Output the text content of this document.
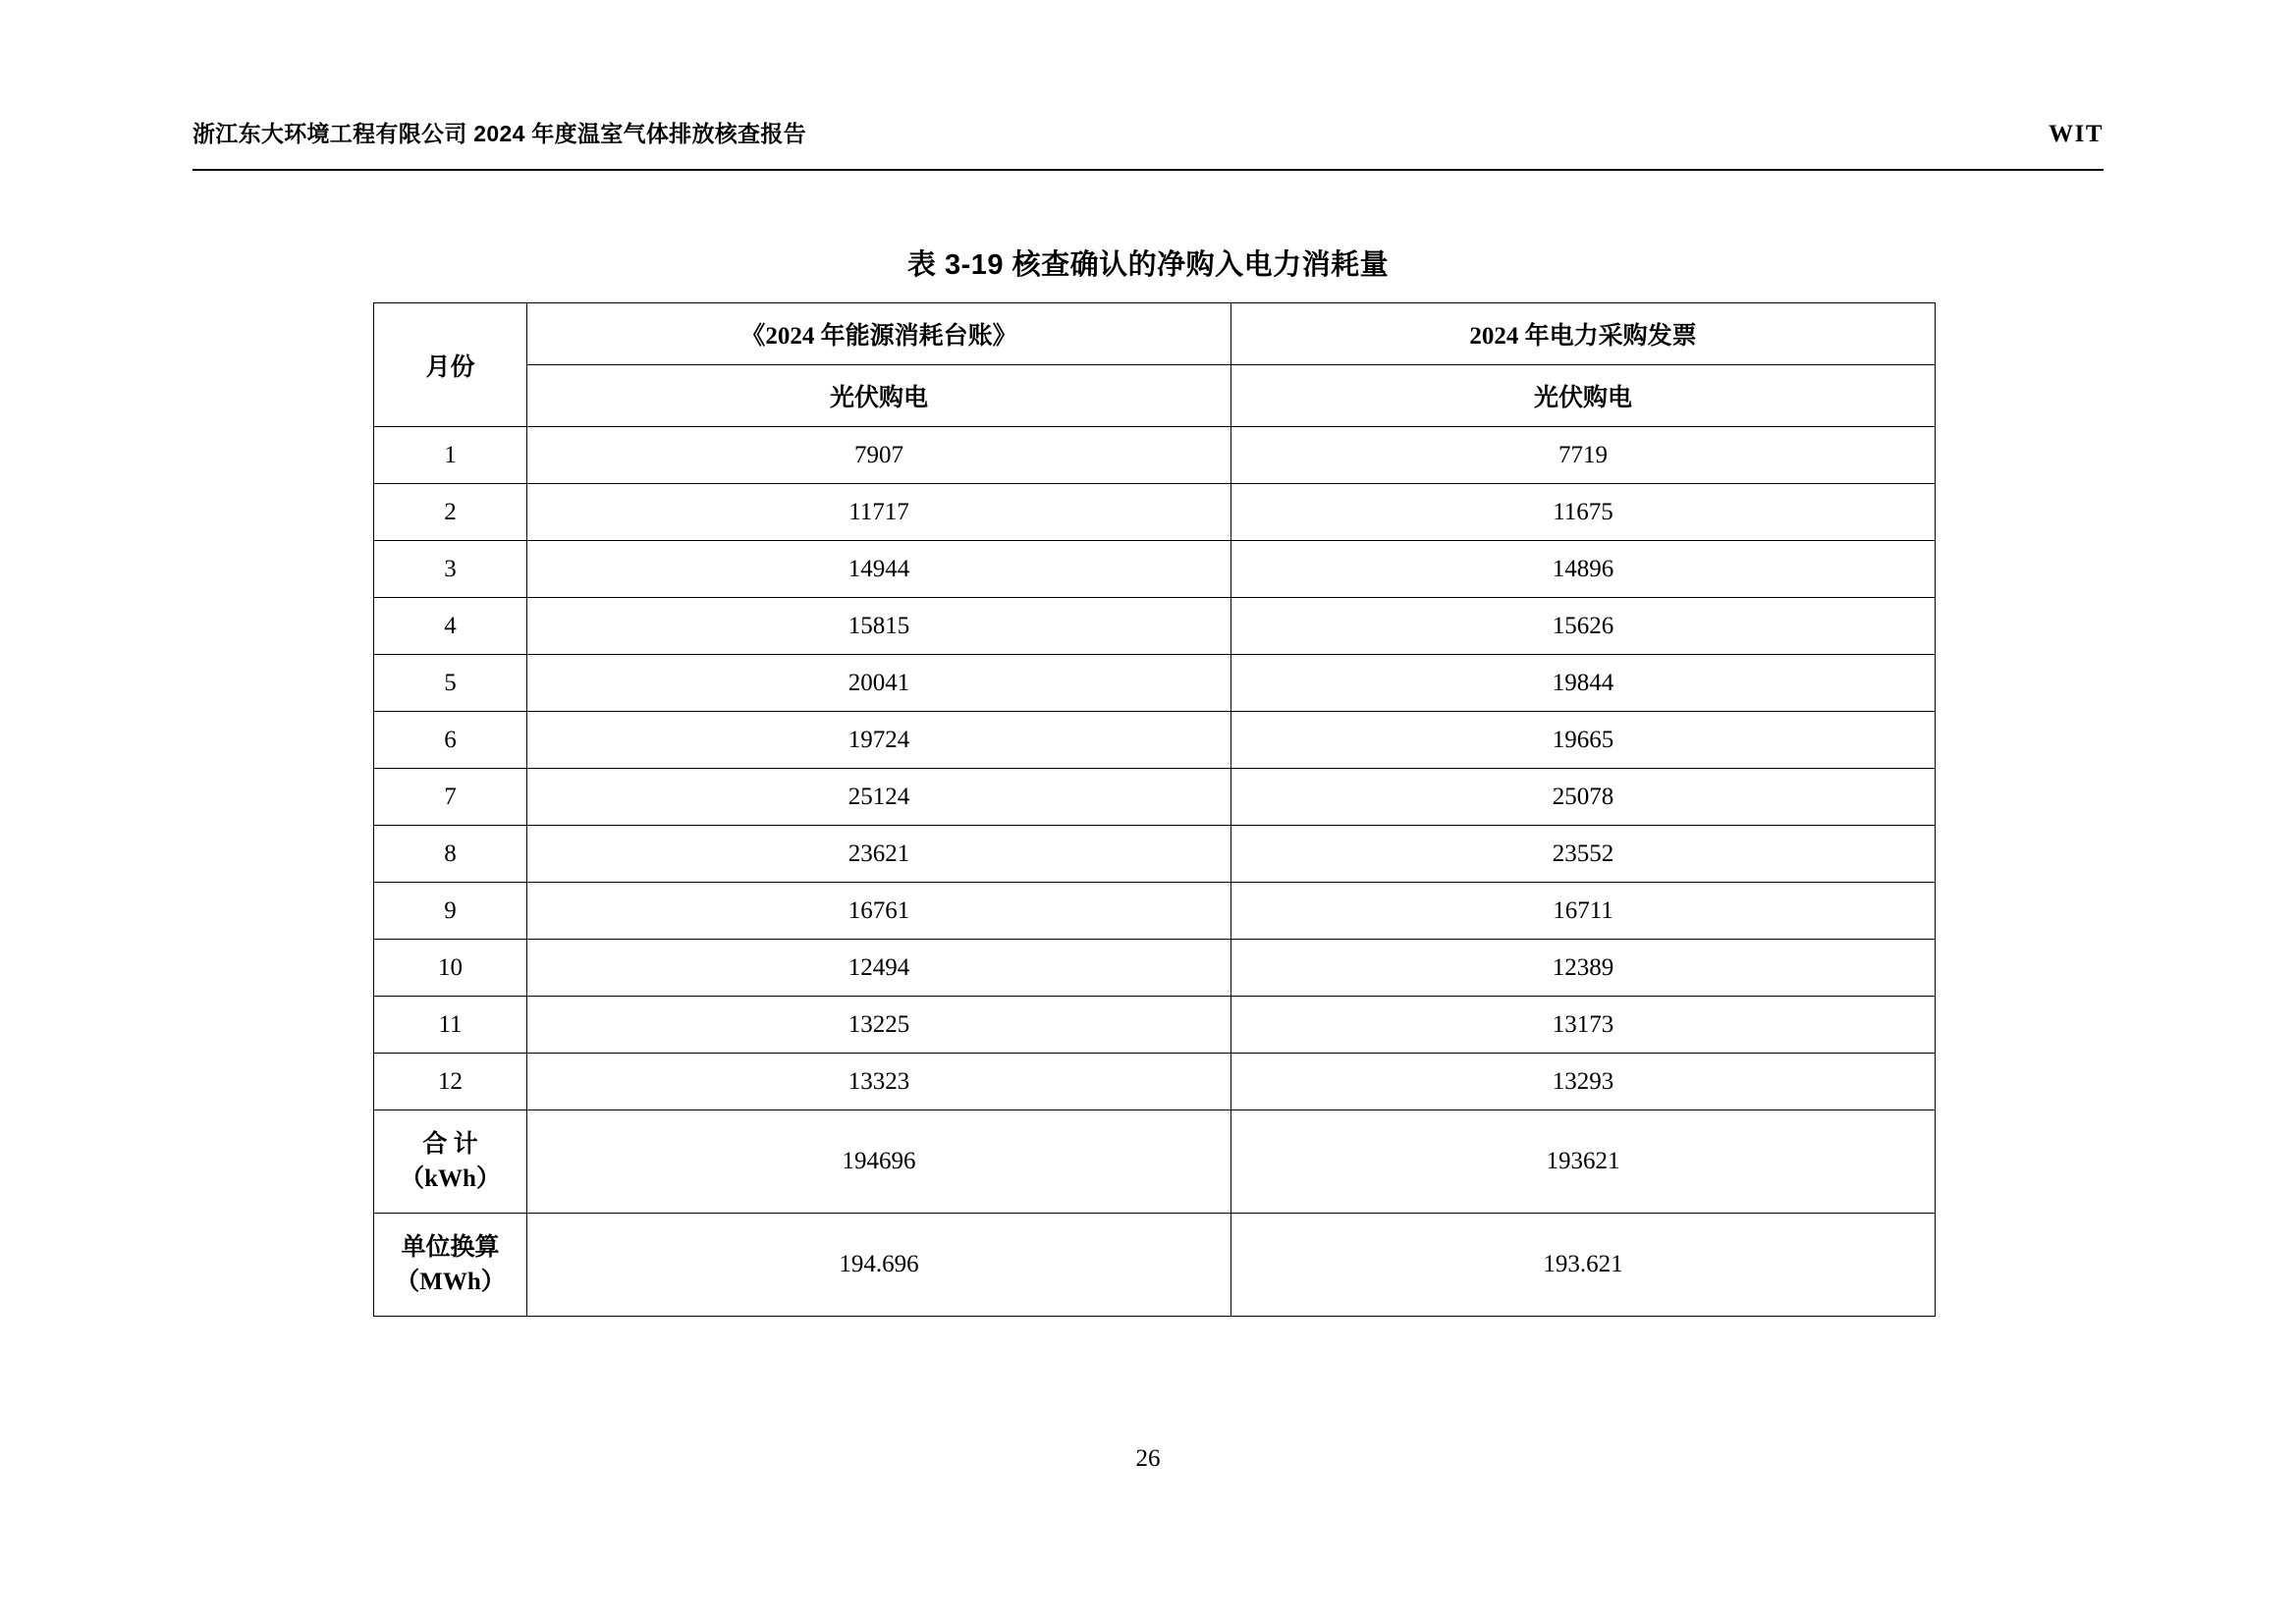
浙江东大环境工程有限公司 2024 年度温室气体排放核查报告	WIT
表 3-19 核查确认的净购入电力消耗量
月份	《2024 年能源消耗台账》	2024 年电力采购发票
	光伏购电	光伏购电
1	7907	7719
2	11717	11675
3	14944	14896
4	15815	15626
5	20041	19844
6	19724	19665
7	25124	25078
8	23621	23552
9	16761	16711
10	12494	12389
11	13225	13173
12	13323	13293

合 计
（kWh）	194696	193621

单位换算
（MWh）	194.696	193.621
26
